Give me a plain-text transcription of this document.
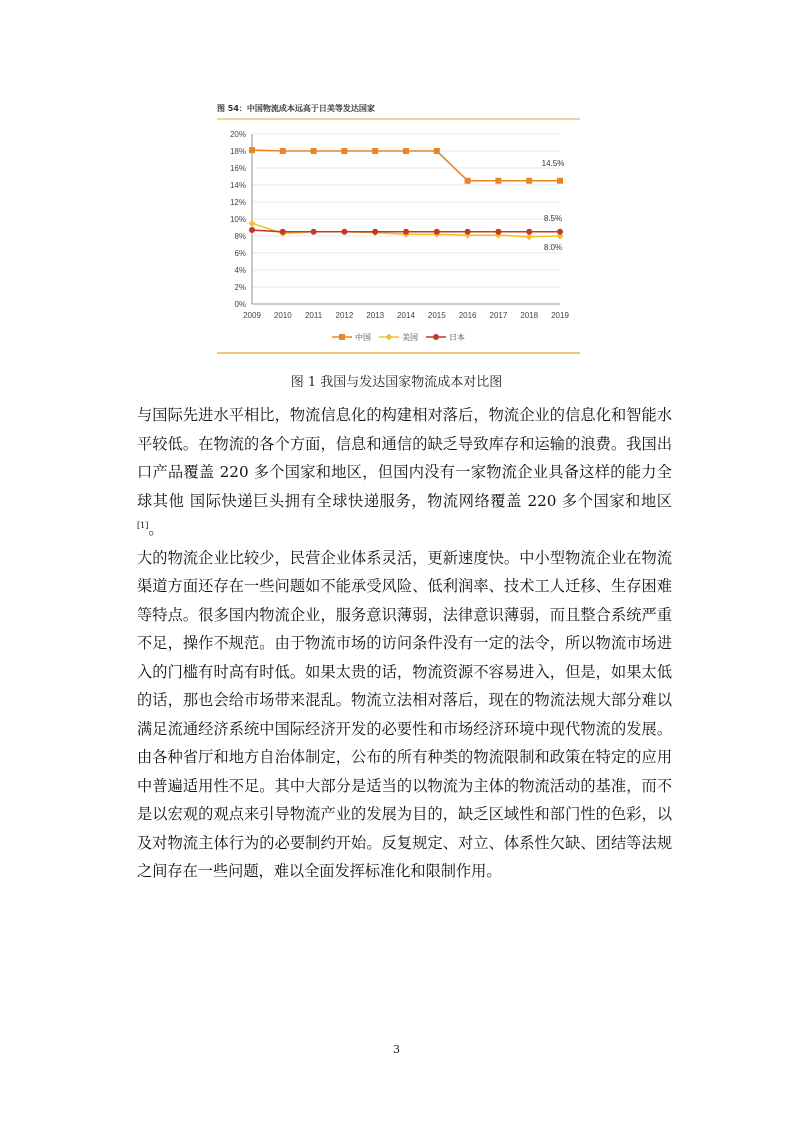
0%
2%
4%
6%
8%
10%
12%
14%
16%
18%
20%
2009 2010 2011 2012 2013 2014 2015 2016 2017 2018 2019
14.5%
8.5%
8.0%
中国	美国	日本
图 54：中国物流成本远高于日美等发达国家
图 1 我国与发达国家物流成本对比图

与国际先进水平相比，物流信息化的构建相对落后，物流企业的信息化和智能水平较低。在物流的各个方面，信息和通信的缺乏导致库存和运输的浪费。我国出口产品覆盖 220 多个国家和地区，但国内没有一家物流企业具备这样的能力全球其他 国际快递巨头拥有全球快递服务，物流网络覆盖 220 多个国家和地区[1]。

大的物流企业比较少，民营企业体系灵活，更新速度快。中小型物流企业在物流渠道方面还存在一些问题如不能承受风险、低利润率、技术工人迁移、生存困难等特点。很多国内物流企业，服务意识薄弱，法律意识薄弱，而且整合系统严重不足，操作不规范。由于物流市场的访问条件没有一定的法令，所以物流市场进入的门槛有时高有时低。如果太贵的话，物流资源不容易进入，但是，如果太低的话，那也会给市场带来混乱。物流立法相对落后，现在的物流法规大部分难以满足流通经济系统中国际经济开发的必要性和市场经济环境中现代物流的发展。由各种省厅和地方自治体制定，公布的所有种类的物流限制和政策在特定的应用中普遍适用性不足。其中大部分是适当的以物流为主体的物流活动的基准，而不是以宏观的观点来引导物流产业的发展为目的，缺乏区域性和部门性的色彩，以及对物流主体行为的必要制约开始。反复规定、对立、体系性欠缺、团结等法规之间存在一些问题，难以全面发挥标准化和限制作用。

3
